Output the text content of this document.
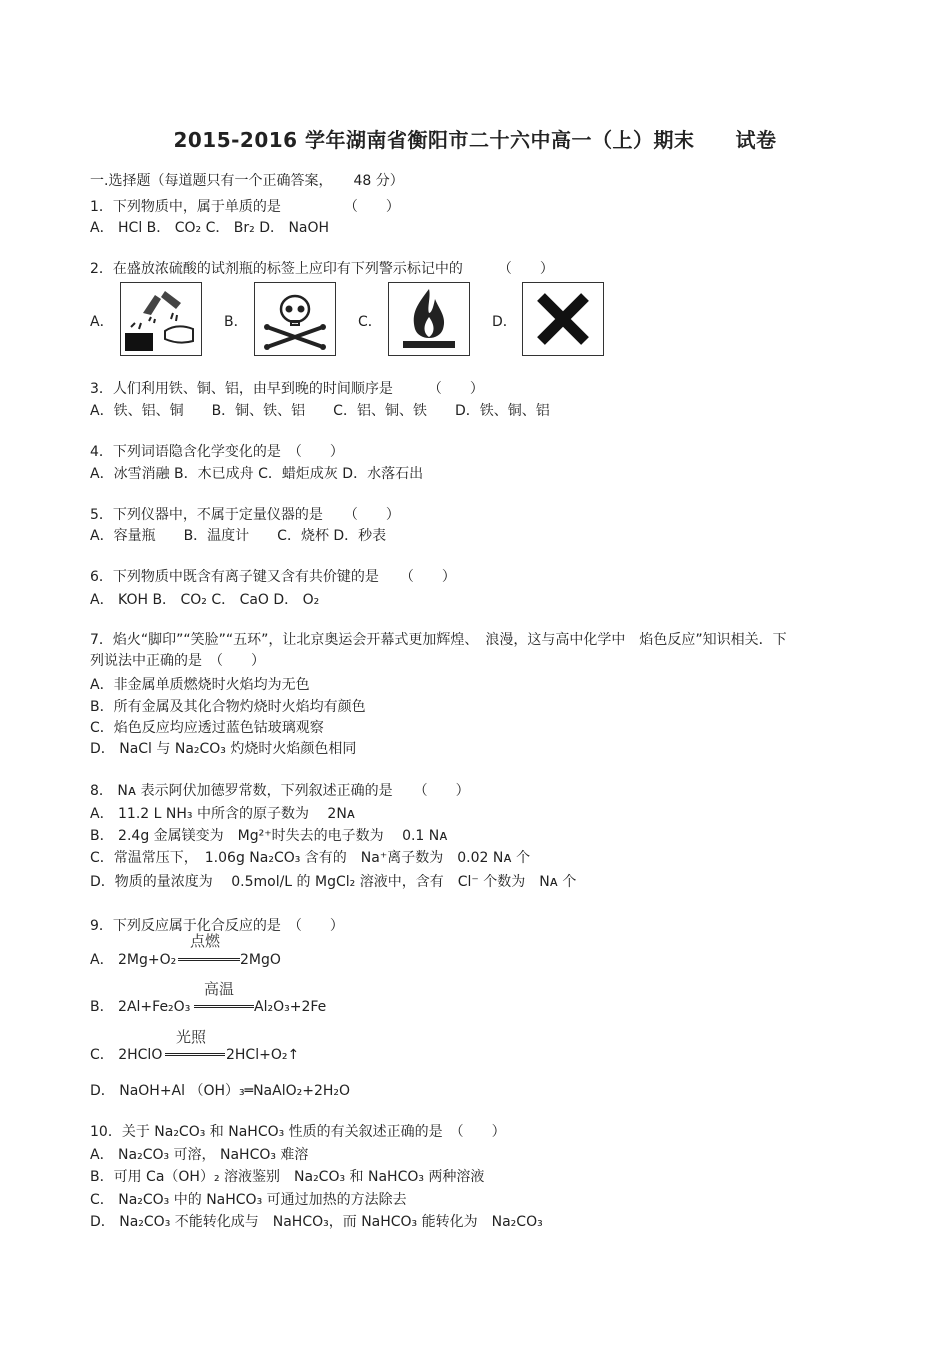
2015-2016 学年湖南省衡阳市二十六中高一（上）期末　　试卷
一.选择题（每道题只有一个正确答案，　　48 分）
1．下列物质中，属于单质的是　　　　　（　　）
A． HCl B． CO₂ C． Br₂ D． NaOH
2．在盛放浓硫酸的试剂瓶的标签上应印有下列警示标记中的　　　（　　）
A．	B．	C．	D．
3．人们利用铁、铜、铝，由早到晚的时间顺序是　　　（　　）
A．铁、铝、铜　　B．铜、铁、铝　　C．铝、铜、铁　　D．铁、铜、铝
4．下列词语隐含化学变化的是　（　　）
A．冰雪消融 B．木已成舟 C．蜡炬成灰 D．水落石出
5．下列仪器中，不属于定量仪器的是　　（　　）
A．容量瓶　　B．温度计　　C．烧杯 D．秒表
6．下列物质中既含有离子键又含有共价键的是　　（　　）
A． KOH B． CO₂ C． CaO D． O₂
7．焰火“脚印”“笑脸”“五环”，让北京奥运会开幕式更加辉煌、　浪漫，这与高中化学中　焰色反应”知识相关．下
列说法中正确的是　（　　）
A．非金属单质燃烧时火焰均为无色
B．所有金属及其化合物灼烧时火焰均有颜色
C．焰色反应均应透过蓝色钴玻璃观察
D． NaCl 与 Na₂CO₃ 灼烧时火焰颜色相同
8． Nᴀ 表示阿伏加德罗常数，下列叙述正确的是　　（　　）
A． 11.2 L NH₃ 中所含的原子数为　 2Nᴀ
B． 2.4g 金属镁变为　Mg²⁺时失去的电子数为　 0.1 Nᴀ
C．常温常压下，　1.06g Na₂CO₃ 含有的　Na⁺离子数为　0.02 Nᴀ 个
D．物质的量浓度为　 0.5mol/L 的 MgCl₂ 溶液中，含有　Cl⁻ 个数为　Nᴀ 个
9．下列反应属于化合反应的是　（　　）
A． 2Mg+O₂
点燃
2MgO
B． 2Al+Fe₂O₃
高温
Al₂O₃+2Fe
C． 2HClO
光照
2HCl+O₂↑
D． NaOH+Al （OH）₃═NaAlO₂+2H₂O
10．关于 Na₂CO₃ 和 NaHCO₃ 性质的有关叙述正确的是　（　　）
A． Na₂CO₃ 可溶， NaHCO₃ 难溶
B．可用 Ca（OH）₂ 溶液鉴别　Na₂CO₃ 和 NaHCO₃ 两种溶液
C． Na₂CO₃ 中的 NaHCO₃ 可通过加热的方法除去
D． Na₂CO₃ 不能转化成与　NaHCO₃，而 NaHCO₃ 能转化为　Na₂CO₃
